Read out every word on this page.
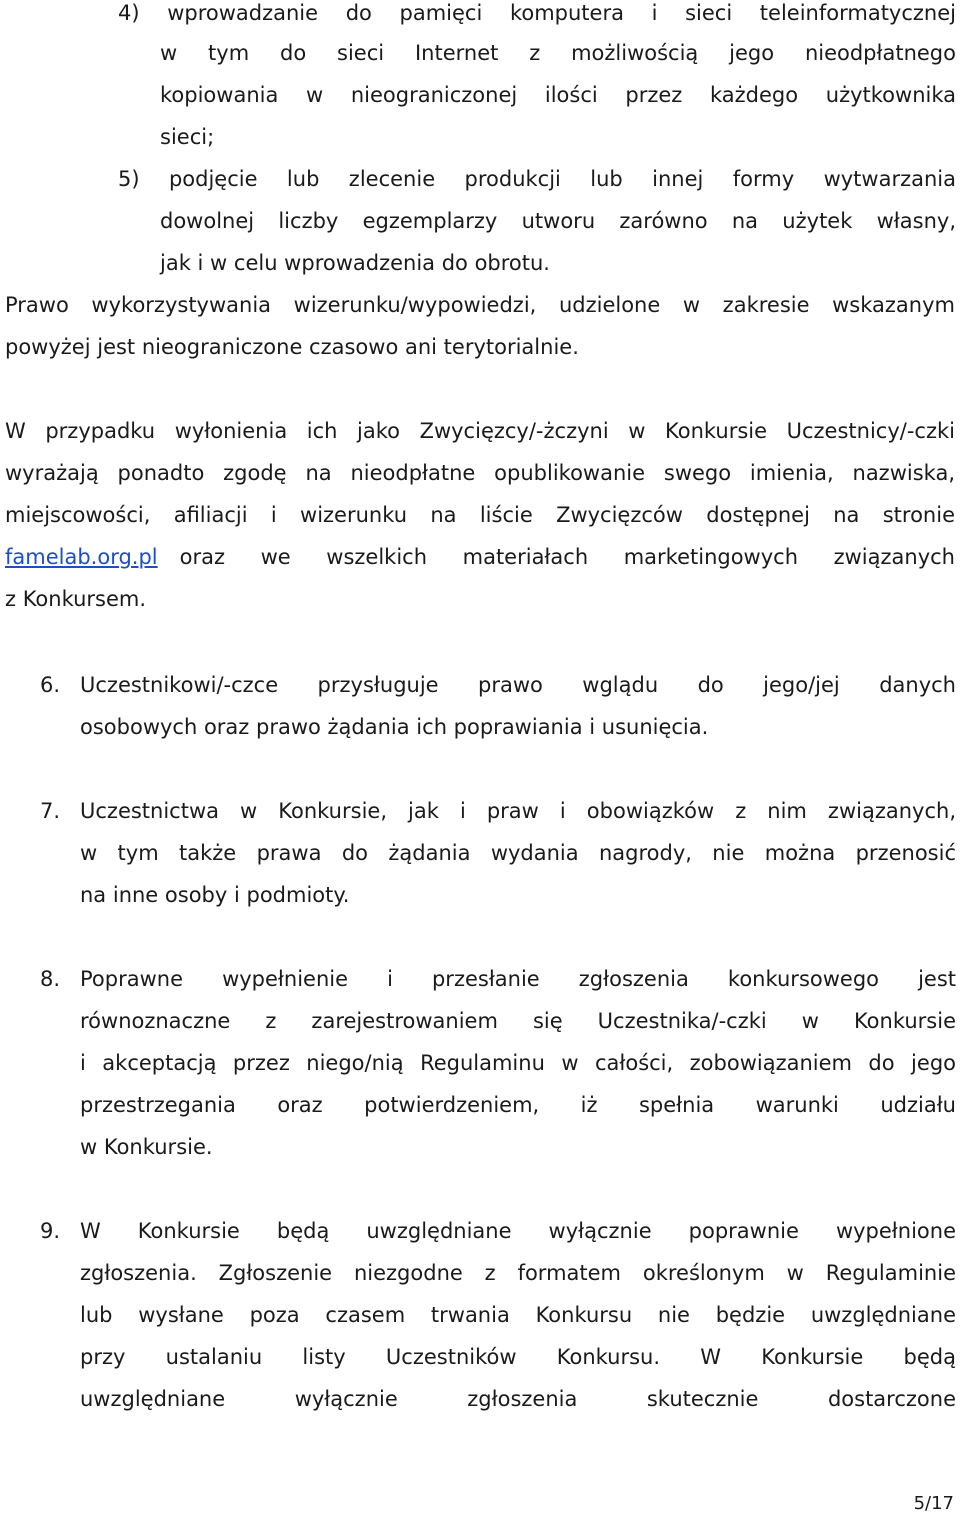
4) wprowadzanie do pamięci komputera i sieci teleinformatycznej
w tym do sieci Internet z możliwością jego nieodpłatnego
kopiowania w nieograniczonej ilości przez każdego użytkownika
sieci;
5) podjęcie lub zlecenie produkcji lub innej formy wytwarzania
dowolnej liczby egzemplarzy utworu zarówno na użytek własny,
jak i w celu wprowadzenia do obrotu.
Prawo wykorzystywania wizerunku/wypowiedzi, udzielone w zakresie wskazanym
powyżej jest nieograniczone czasowo ani terytorialnie.
W przypadku wyłonienia ich jako Zwycięzcy/-żczyni w Konkursie Uczestnicy/-czki
wyrażają ponadto zgodę na nieodpłatne opublikowanie swego imienia, nazwiska,
miejscowości, afiliacji i wizerunku na liście Zwycięzców dostępnej na stronie
famelab.org.pl oraz we wszelkich materiałach marketingowych związanych
z Konkursem.
6. Uczestnikowi/-czce przysługuje prawo wglądu do jego/jej danych
osobowych oraz prawo żądania ich poprawiania i usunięcia.
7. Uczestnictwa w Konkursie, jak i praw i obowiązków z nim związanych,
w tym także prawa do żądania wydania nagrody, nie można przenosić
na inne osoby i podmioty.
8. Poprawne wypełnienie i przesłanie zgłoszenia konkursowego jest
równoznaczne z zarejestrowaniem się Uczestnika/-czki w Konkursie
i akceptacją przez niego/nią Regulaminu w całości, zobowiązaniem do jego
przestrzegania oraz potwierdzeniem, iż spełnia warunki udziału
w Konkursie.
9. W Konkursie będą uwzględniane wyłącznie poprawnie wypełnione
zgłoszenia. Zgłoszenie niezgodne z formatem określonym w Regulaminie
lub wysłane poza czasem trwania Konkursu nie będzie uwzględniane
przy ustalaniu listy Uczestników Konkursu. W Konkursie będą
uwzględniane wyłącznie zgłoszenia skutecznie dostarczone
5/17
